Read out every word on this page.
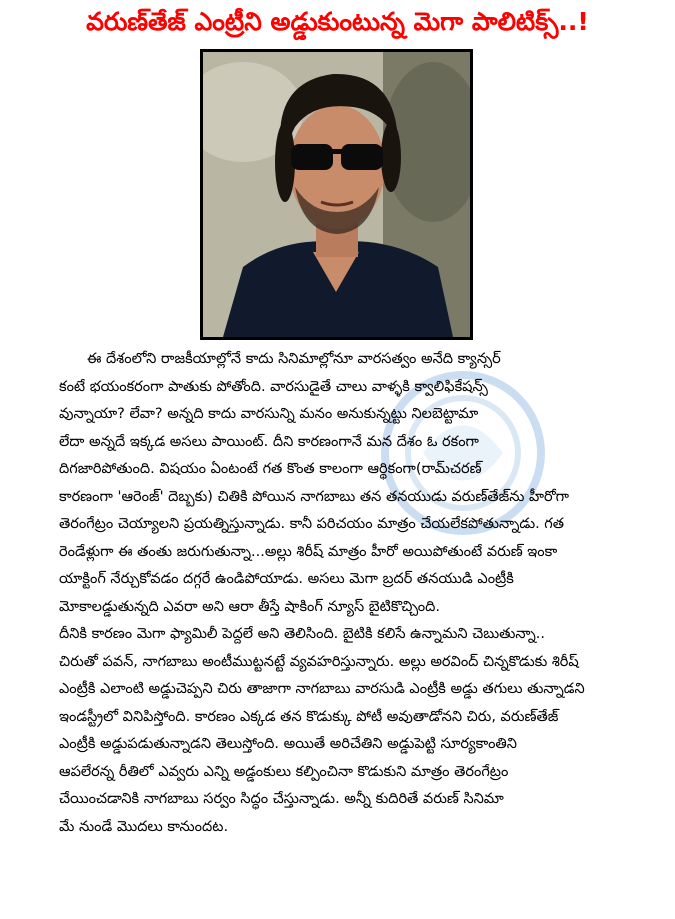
వరుణ్‌తేజ్ ఎంట్రీని అడ్డుకుంటున్న మెగా పాలిటిక్స్..!
ఈ దేశంలోని రాజకీయాల్లోనే కాదు సినిమాల్లోనూ వారసత్వం అనేది క్యాన్సర్
కంటే భయంకరంగా పాతుకు పోతోంది. వారసుడైతే చాలు వాళ్ళకి క్వాలిఫికేషన్స్
వున్నాయా? లేవా? అన్నది కాదు వారసున్ని మనం అనుకున్నట్టు నిలబెట్టామా
లేదా అన్నదే ఇక్కడ అసలు పాయింట్. దీని కారణంగానే మన దేశం ఓ రకంగా
దిగజారిపోతుంది. విషయం ఏంటంటే గత కొంత కాలంగా ఆర్థికంగా(రామ్‌చరణ్
కారణంగా 'ఆరెంజ్' దెబ్బకు) చితికి పోయిన నాగబాబు తన తనయుడు వరుణ్‌తేజ్‌ను హీరోగా
తెరంగేట్రం చెయ్యాలని ప్రయత్నిస్తున్నాడు. కానీ పరిచయం మాత్రం చేయలేకపోతున్నాడు. గత
రెండేళ్లుగా ఈ తంతు జరుగుతున్నా...అల్లు శిరీష్ మాత్రం హీరో అయిపోతుంటే వరుణ్ ఇంకా
యాక్టింగ్ నేర్చుకోవడం దగ్గరే ఉండిపోయాడు. అసలు మెగా బ్రదర్ తనయుడి ఎంట్రీకి
మోకాలడ్డుతున్నది ఎవరా అని ఆరా తీస్తే షాకింగ్ న్యూస్ బైటికొచ్చింది.
దీనికి కారణం మెగా ఫ్యామిలీ పెద్దలే అని తెలిసింది. బైటికి కలిసే ఉన్నామని చెబుతున్నా..
చిరుతో పవన్, నాగబాబు అంటీముట్టనట్టే వ్యవహరిస్తున్నారు. అల్లు అరవింద్ చిన్నకొడుకు శిరీష్
ఎంట్రీకి ఎలాంటి అడ్డుచెప్పని చిరు తాజాగా నాగబాబు వారసుడి ఎంట్రీకి అడ్డు తగులు తున్నాడని
ఇండస్ట్రీలో వినిపిస్తోంది. కారణం ఎక్కడ తన కొడుక్కు పోటీ అవుతాడోనని చిరు, వరుణ్‌తేజ్
ఎంట్రీకి అడ్డుపడుతున్నాడని తెలుస్తోంది. అయితే అరిచేతిని అడ్డుపెట్టి సూర్యకాంతిని
ఆపలేరన్న రీతిలో ఎవ్వరు ఎన్ని అడ్డంకులు కల్పించినా కొడుకుని మాత్రం తెరంగేట్రం
చేయించడానికి నాగబాబు సర్వం సిద్ధం చేస్తున్నాడు. అన్నీ కుదిరితే వరుణ్ సినిమా
మే నుండే మొదలు కానుందట.
